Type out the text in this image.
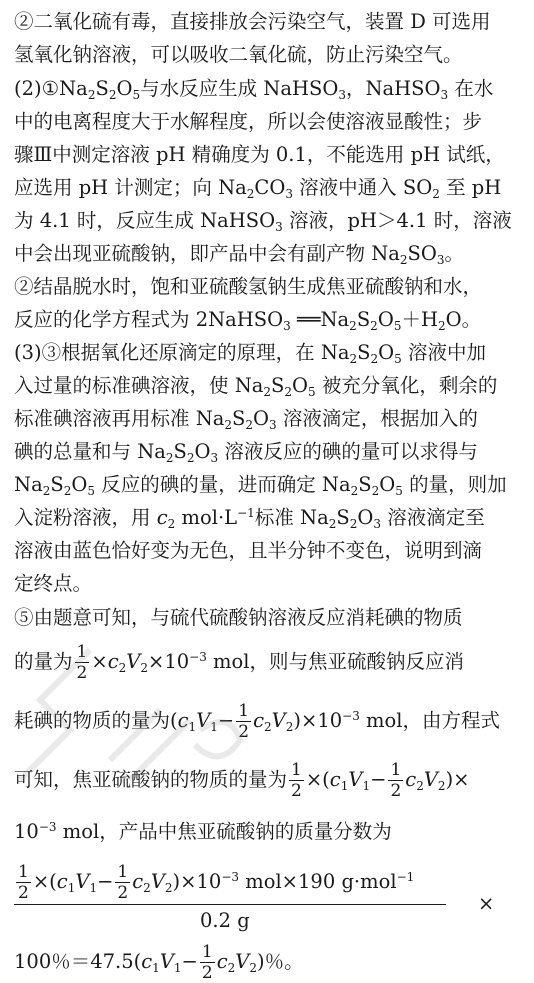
②二氧化硫有毒，直接排放会污染空气，装置 D 可选用
氢氧化钠溶液，可以吸收二氧化硫，防止污染空气。
$(2)①Na_2S_2O_5$与水反应生成 NaHSO$_3$，NaHSO$_3$ 在水
中的电离程度大于水解程度，所以会使溶液显酸性；步
骤Ⅲ中测定溶液 pH 精确度为 0.1，不能选用 pH 试纸，
应选用 pH 计测定；向 $Na_2CO_3$ 溶液中通入 $SO_2$ 至 pH
为 4.1 时，反应生成 NaHSO$_3$ 溶液，pH＞4.1 时，溶液
中会出现亚硫酸钠，即产品中会有副产物 $Na_2SO_3$。
②结晶脱水时，饱和亚硫酸氢钠生成焦亚硫酸钠和水，
反应的化学方程式为 2NaHSO$_3$ $══Na_2S_2O_5+H_2O$。
(3)③根据氧化还原滴定的原理，在 $Na_2S_2O_5$ 溶液中加
入过量的标准碘溶液，使 $Na_2S_2O_5$ 被充分氧化，剩余的
标准碘溶液再用标准 $Na_2S_2O_3$ 溶液滴定，根据加入的
碘的总量和与 $Na_2S_2O_3$ 溶液反应的碘的量可以求得与
$Na_2S_2O_5$ 反应的碘的量，进而确定 $Na_2S_2O_5$ 的量，则加
入淀粉溶液，用 $c_2$ $mol\cdot L^{-1}$标准 $Na_2S_2O_3$ 溶液滴定至
溶液由蓝色恰好变为无色，且半分钟不变色，说明到滴
定终点。
⑤由题意可知，与硫代硫酸钠溶液反应消耗碘的物质
的量为 $\frac{1}{2} \times c_2V_2\times 10^{-3}$ mol，则与焦亚硫酸钠反应消
耗碘的物质的量为$(c_1V_1- \frac{1}{2} c_2V_2)\times 10^{-3}$ mol，由方程式
可知，焦亚硫酸钠的物质的量为 $\frac{1}{2} \times(c_1V_1- \frac{1}{2} c_2V_2)\times$
$10^{-3}$ mol，产品中焦亚硫酸钠的质量分数为
$\frac{1}{2} \times(c_1V_1- \frac{1}{2} c_2V_2)\times 10^{-3}$ mol×190 g·mol$^{-1}$
×
0.2 g
100％$=47.5(c_1V_1- \frac{1}{2} c_2V_2)$％。
